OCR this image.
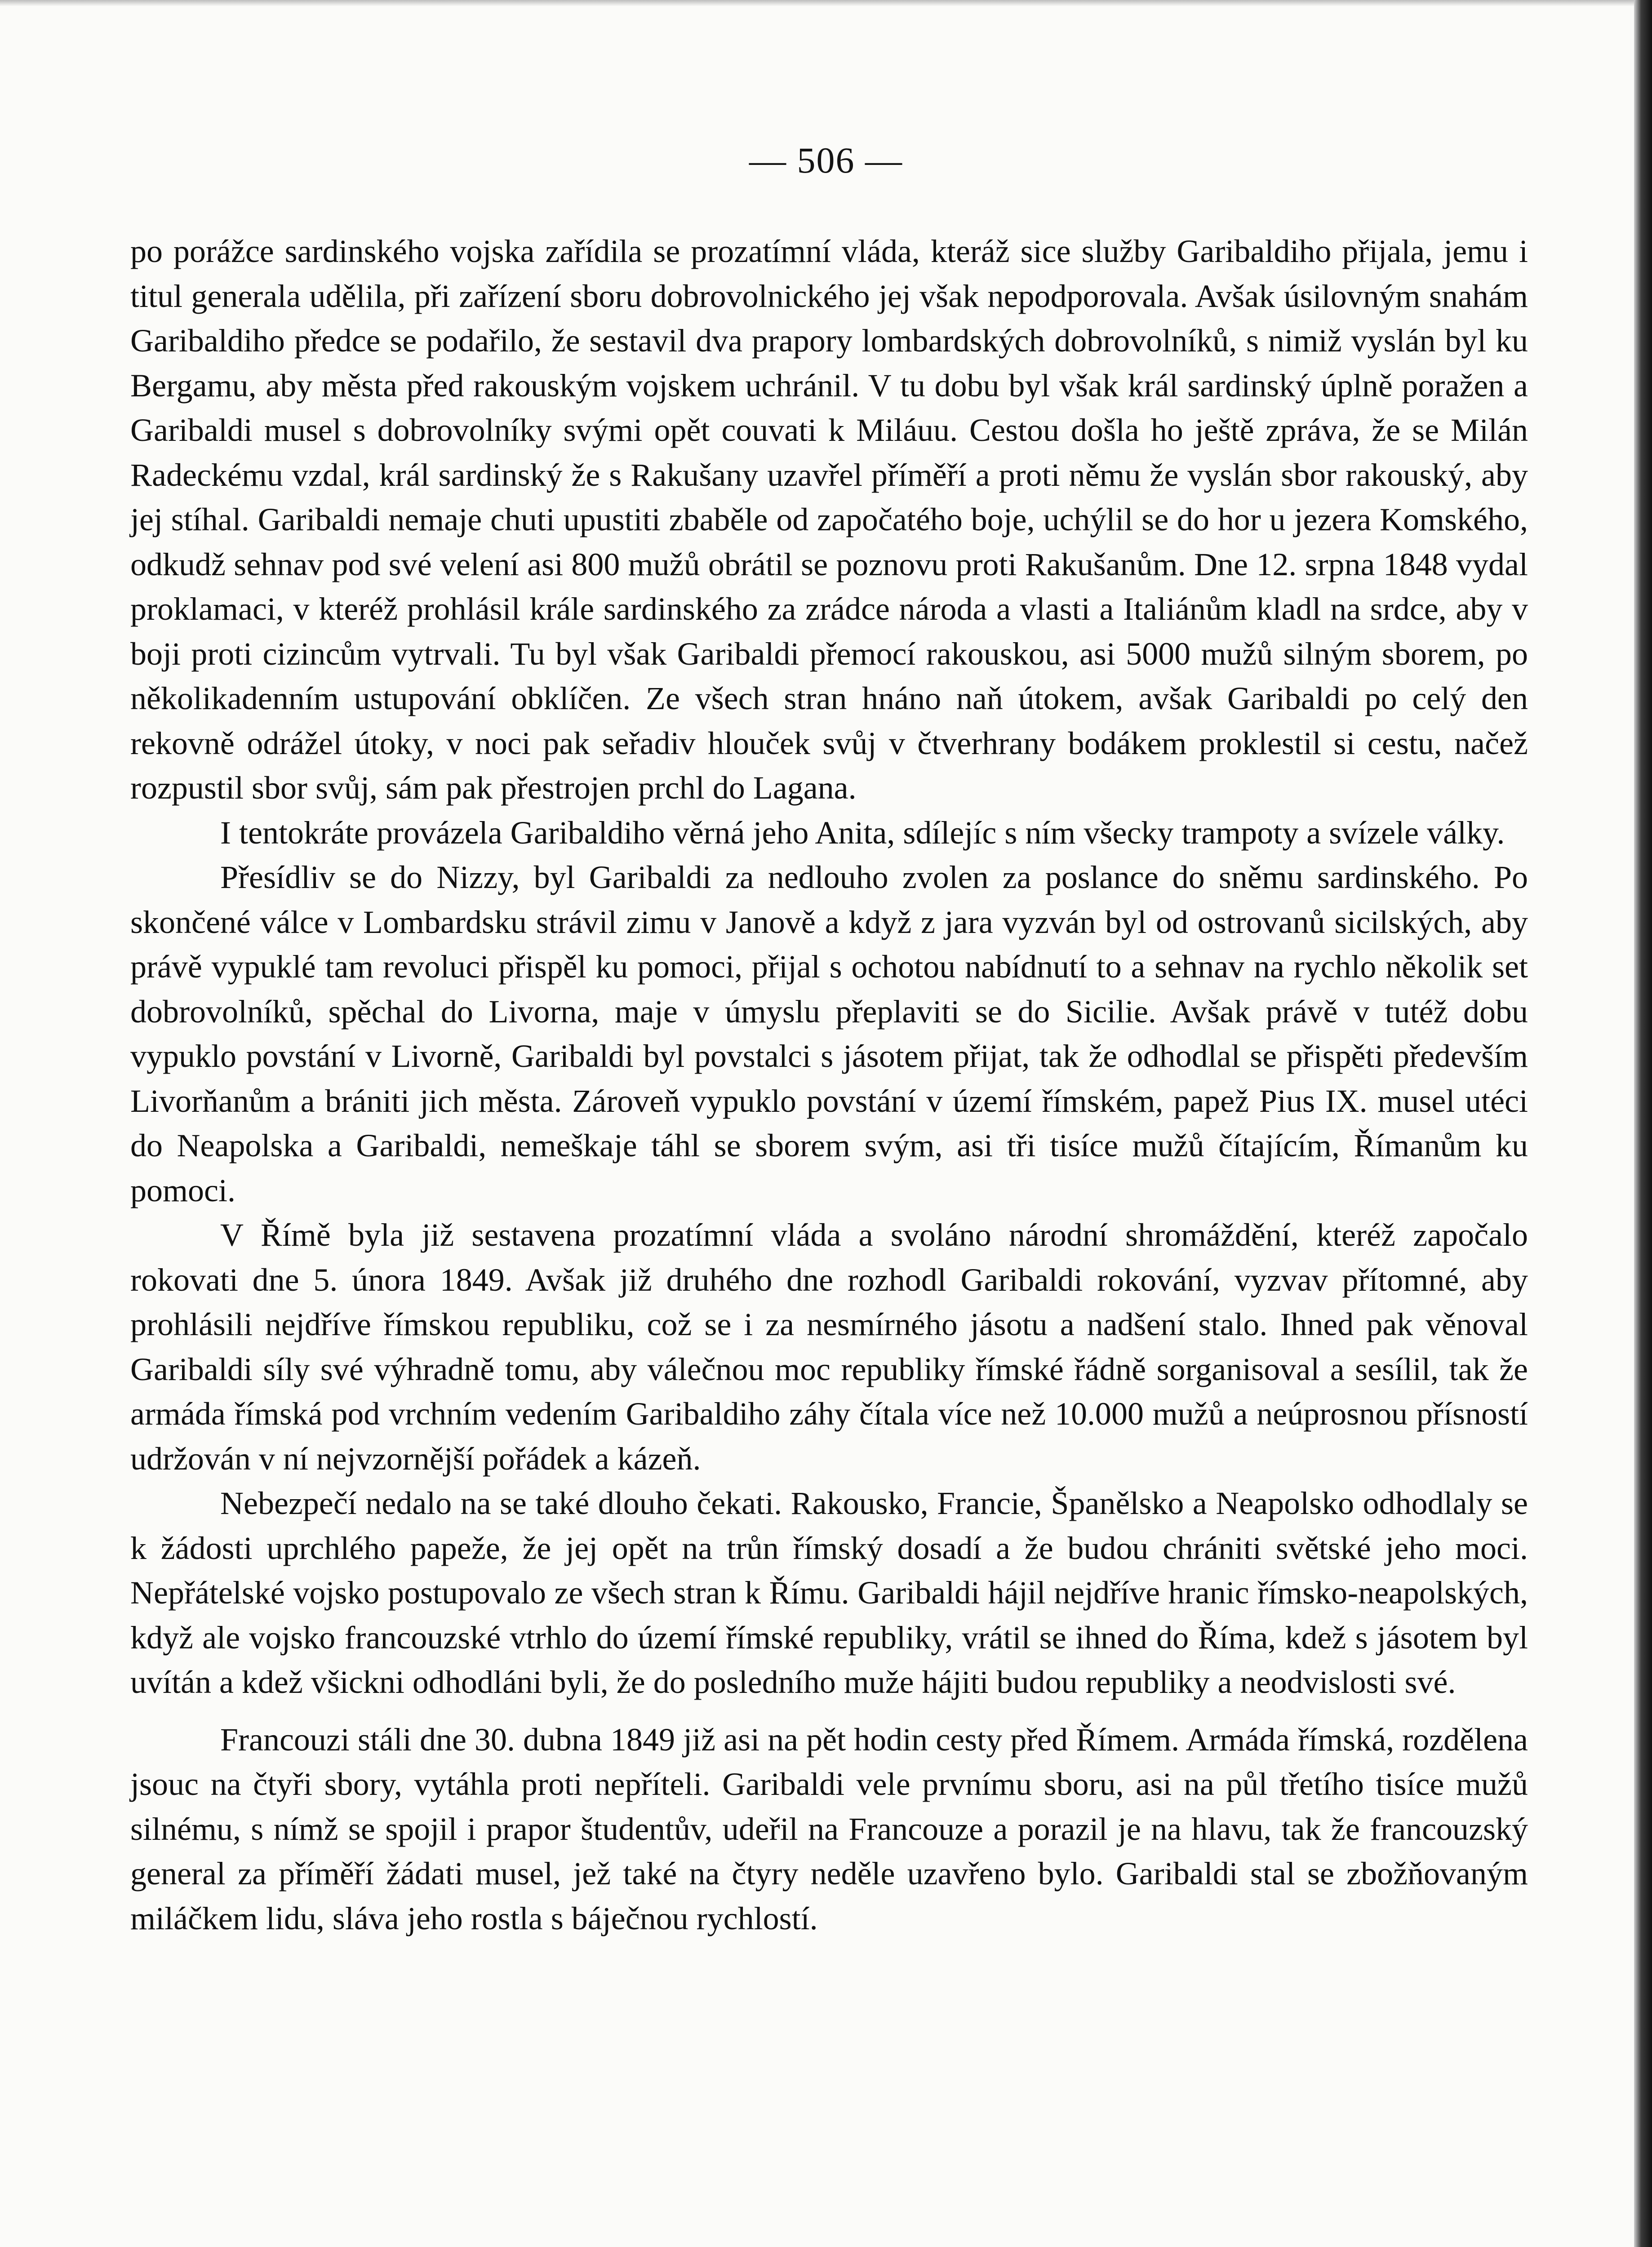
— 506 —

po porážce sardinského vojska zařídila se prozatímní vláda, kteráž sice služby Garibaldiho přijala, jemu i titul generala udělila, při zařízení sboru dobrovolnického jej však nepodporovala. Avšak úsilovným snahám Garibaldiho předce se podařilo, že sestavil dva prapory lombardských dobrovolníků, s nimiž vyslán byl ku Bergamu, aby města před rakouským vojskem uchránil. V tu dobu byl však král sardinský úplně poražen a Garibaldi musel s dobrovolníky svými opět couvati k Miláuu. Cestou došla ho ještě zpráva, že se Milán Radeckému vzdal, král sardinský že s Rakušany uzavřel příměří a proti němu že vyslán sbor rakouský, aby jej stíhal. Garibaldi nemaje chuti upustiti zbaběle od započatého boje, uchýlil se do hor u jezera Komského, odkudž sehnav pod své velení asi 800 mužů obrátil se poznovu proti Rakušanům. Dne 12. srpna 1848 vydal proklamaci, v kteréž prohlásil krále sardinského za zrádce národa a vlasti a Italiánům kladl na srdce, aby v boji proti cizincům vytrvali. Tu byl však Garibaldi přemocí rakouskou, asi 5000 mužů silným sborem, po několikadenním ustupování obklíčen. Ze všech stran hnáno naň útokem, avšak Garibaldi po celý den rekovně odrážel útoky, v noci pak seřadiv hlouček svůj v čtverhrany bodákem proklestil si cestu, načež rozpustil sbor svůj, sám pak přestrojen prchl do Lagana.

I tentokráte provázela Garibaldiho věrná jeho Anita, sdílejíc s ním všecky trampoty a svízele války.

Přesídliv se do Nizzy, byl Garibaldi za nedlouho zvolen za poslance do sněmu sardinského. Po skončené válce v Lombardsku strávil zimu v Janově a když z jara vyzván byl od ostrovanů sicilských, aby právě vypuklé tam revoluci přispěl ku pomoci, přijal s ochotou nabídnutí to a sehnav na rychlo několik set dobrovolníků, spěchal do Livorna, maje v úmyslu přeplaviti se do Sicilie. Avšak právě v tutéž dobu vypuklo povstání v Livorně, Garibaldi byl povstalci s jásotem přijat, tak že odhodlal se přispěti především Livorňanům a brániti jich města. Zároveň vypuklo povstání v území římském, papež Pius IX. musel utéci do Neapolska a Garibaldi, nemeškaje táhl se sborem svým, asi tři tisíce mužů čítajícím, Římanům ku pomoci.

V Římě byla již sestavena prozatímní vláda a svoláno národní shromáždění, kteréž započalo rokovati dne 5. února 1849. Avšak již druhého dne rozhodl Garibaldi rokování, vyzvav přítomné, aby prohlásili nejdříve římskou republiku, což se i za nesmírného jásotu a nadšení stalo. Ihned pak věnoval Garibaldi síly své výhradně tomu, aby válečnou moc republiky římské řádně sorganisoval a sesílil, tak že armáda římská pod vrchním vedením Garibaldiho záhy čítala více než 10.000 mužů a neúprosnou přísností udržován v ní nejvzornější pořádek a kázeň.

Nebezpečí nedalo na se také dlouho čekati. Rakousko, Francie, Španělsko a Neapolsko odhodlaly se k žádosti uprchlého papeže, že jej opět na trůn římský dosadí a že budou chrániti světské jeho moci. Nepřátelské vojsko postupovalo ze všech stran k Římu. Garibaldi hájil nejdříve hranic římsko-neapolských, když ale vojsko francouzské vtrhlo do území římské republiky, vrátil se ihned do Říma, kdež s jásotem byl uvítán a kdež všickni odhodláni byli, že do posledního muže hájiti budou republiky a neodvislosti své.

Francouzi stáli dne 30. dubna 1849 již asi na pět hodin cesty před Římem. Armáda římská, rozdělena jsouc na čtyři sbory, vytáhla proti nepříteli. Garibaldi vele prvnímu sboru, asi na půl třetího tisíce mužů silnému, s nímž se spojil i prapor študentův, udeřil na Francouze a porazil je na hlavu, tak že francouzský general za příměří žádati musel, jež také na čtyry neděle uzavřeno bylo. Garibaldi stal se zbožňovaným miláčkem lidu, sláva jeho rostla s báječnou rychlostí.
